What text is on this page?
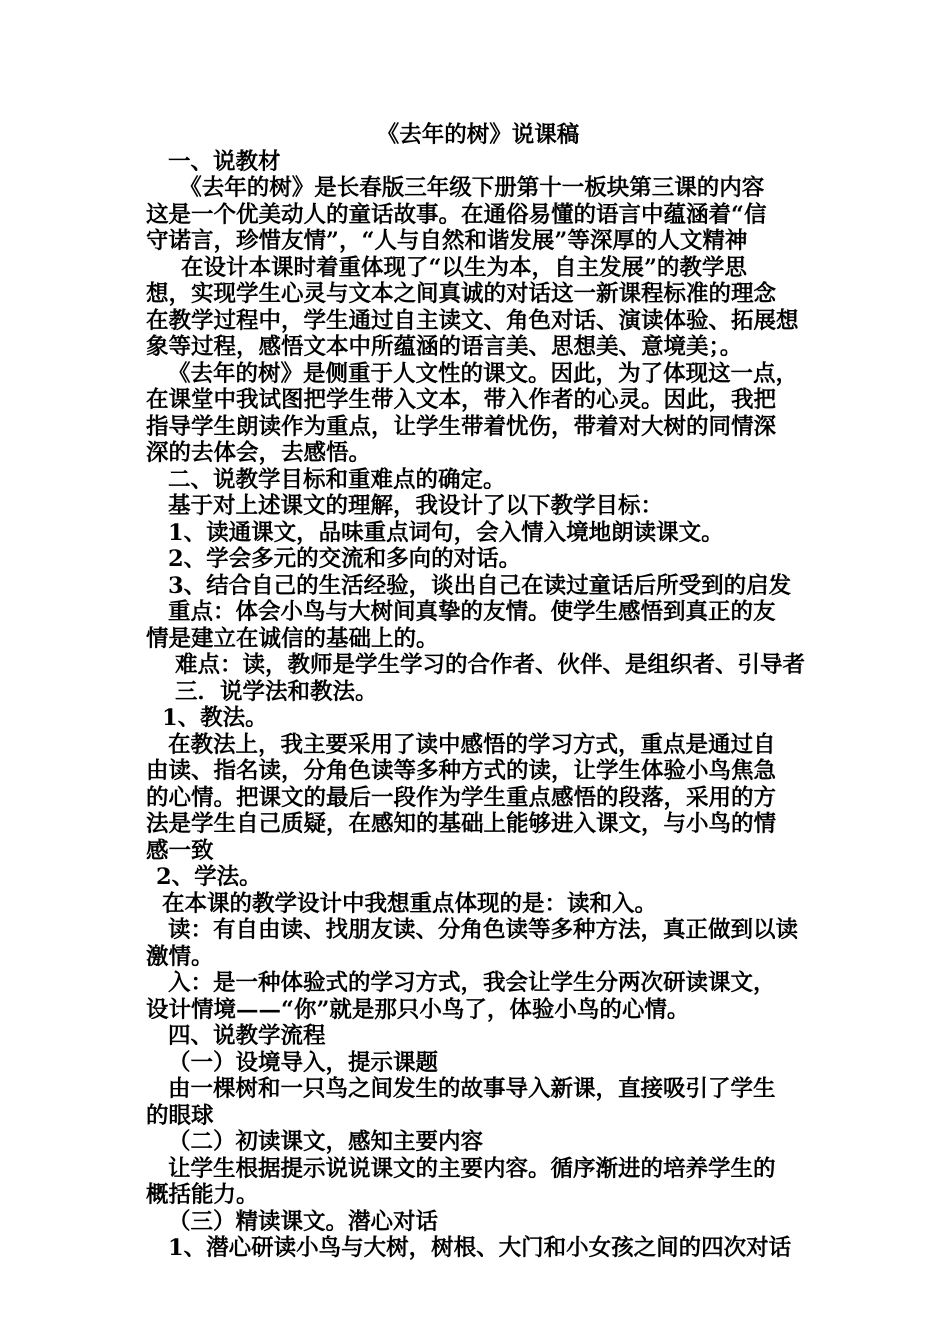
《去年的树》说课稿
一、说教材
　《去年的树》是长春版三年级下册第十一板块第三课的内容
这是一个优美动人的童话故事。在通俗易懂的语言中蕴涵着“信
守诺言，珍惜友情”，“人与自然和谐发展”等深厚的人文精神
在设计本课时着重体现了“以生为本，自主发展”的教学思
想，实现学生心灵与文本之间真诚的对话这一新课程标准的理念
在教学过程中，学生通过自主读文、角色对话、演读体验、拓展想
象等过程，感悟文本中所蕴涵的语言美、思想美、意境美；。
《去年的树》是侧重于人文性的课文。因此，为了体现这一点，
在课堂中我试图把学生带入文本，带入作者的心灵。因此，我把
指导学生朗读作为重点，让学生带着忧伤，带着对大树的同情深
深的去体会，去感悟。
二、说教学目标和重难点的确定。
基于对上述课文的理解，我设计了以下教学目标：
1、读通课文，品味重点词句，会入情入境地朗读课文。
2、学会多元的交流和多向的对话。
3、结合自己的生活经验，谈出自己在读过童话后所受到的启发
重点：体会小鸟与大树间真挚的友情。使学生感悟到真正的友
情是建立在诚信的基础上的。
难点：读，教师是学生学习的合作者、伙伴、是组织者、引导者
三．说学法和教法。
1、教法。
在教法上，我主要采用了读中感悟的学习方式，重点是通过自
由读、指名读，分角色读等多种方式的读，让学生体验小鸟焦急
的心情。把课文的最后一段作为学生重点感悟的段落，采用的方
法是学生自己质疑，在感知的基础上能够进入课文，与小鸟的情
感一致
2、学法。
在本课的教学设计中我想重点体现的是：读和入。
读：有自由读、找朋友读、分角色读等多种方法，真正做到以读
激情。
入：是一种体验式的学习方式，我会让学生分两次研读课文，
设计情境——“你”就是那只小鸟了，体验小鸟的心情。
四、说教学流程
（一）设境导入，提示课题
由一棵树和一只鸟之间发生的故事导入新课，直接吸引了学生
的眼球
（二）初读课文，感知主要内容
让学生根据提示说说课文的主要内容。循序渐进的培养学生的
概括能力。
（三）精读课文。潜心对话
1、潜心研读小鸟与大树，树根、大门和小女孩之间的四次对话
